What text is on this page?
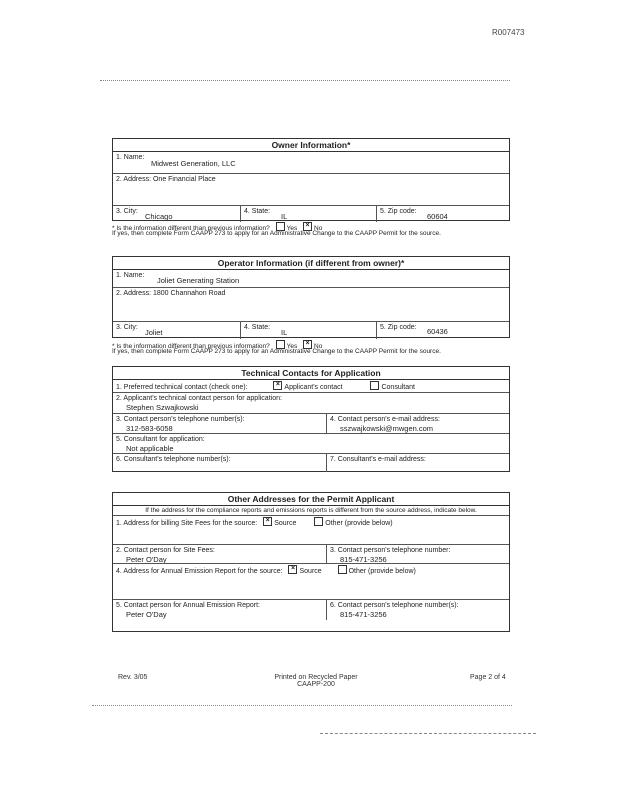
R007473
Owner Information*
1. Name:
Midwest Generation, LLC
2. Address: One Financial Place
3. City:
Chicago
4. State:
IL
5. Zip code:
60604
* Is the information different than previous information?	Yes ×	No
If yes, then complete Form CAAPP 273 to apply for an Administrative Change to the CAAPP Permit for the source.
Operator Information (if different from owner)*
1. Name:
Joliet Generating Station
2. Address: 1800 Channahon Road
3. City:
Joliet
4. State:
IL
5. Zip code:	60436
* Is the information different than previous information?	Yes ×	No
If yes, then complete Form CAAPP 273 to apply for an Administrative Change to the CAAPP Permit for the source.
Technical Contacts for Application
1. Preferred technical contact (check one): ×	Applicant's contact	Consultant
2. Applicant's technical contact person for application:
Stephen Szwajkowski
3. Contact person's telephone number(s):
312-583-6058
4. Contact person's e-mail address:
sszwajkowski@mwgen.com
5. Consultant for application:
Not applicable
6. Consultant's telephone number(s):	7. Consultant's e-mail address:
Other Addresses for the Permit Applicant
If the address for the compliance reports and emissions reports is different from the source address, indicate below.
1. Address for billing Site Fees for the source: × Source	Other (provide below)
2. Contact person for Site Fees:
Peter O'Day
3. Contact person's telephone number:
815-471-3256
4. Address for Annual Emission Report for the source: × Source	Other (provide below)
5. Contact person for Annual Emission Report:
Peter O'Day
6. Contact person's telephone number(s):
815-471-3256
Rev. 3/05	Printed on Recycled Paper
CAAPP-200
Page 2 of 4
